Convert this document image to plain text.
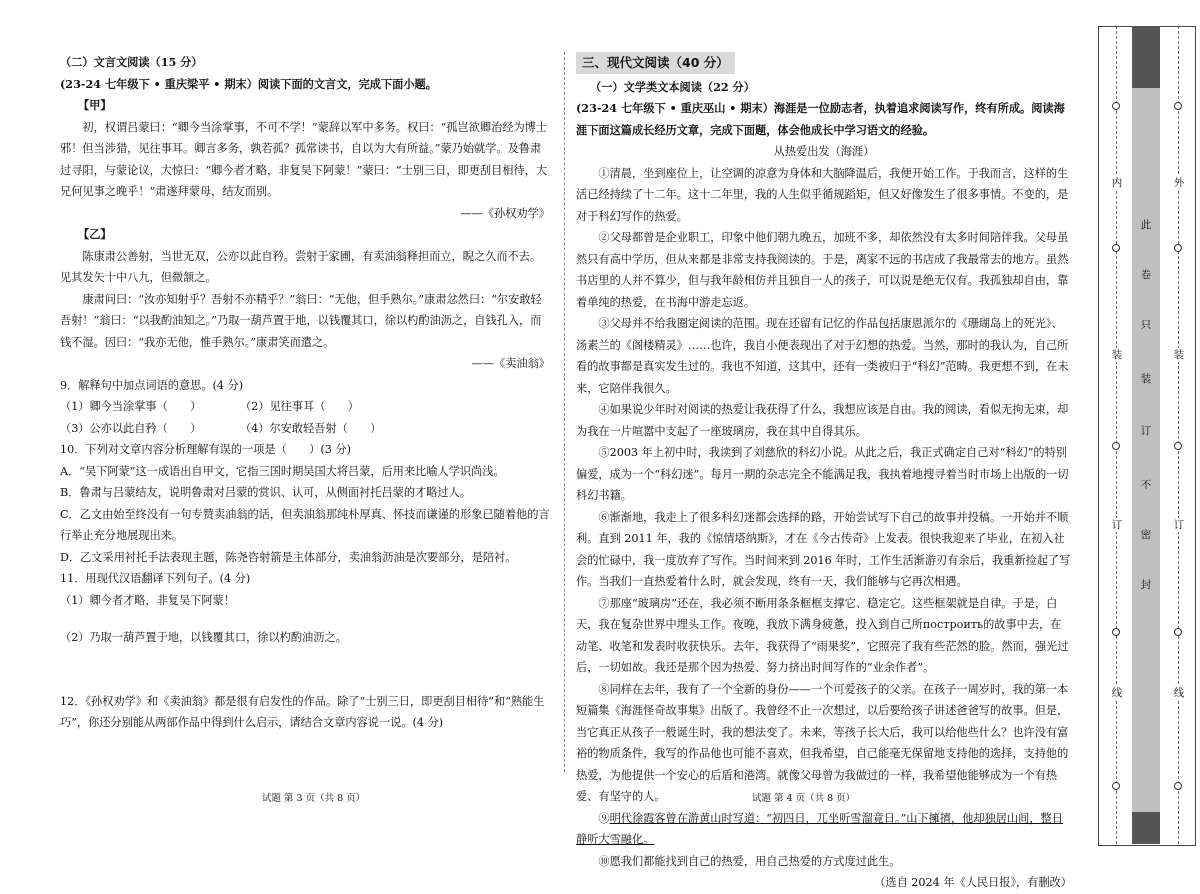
（二）文言文阅读（15 分）

(23-24 七年级下 • 重庆梁平 • 期末）阅读下面的文言文，完成下面小题。

【甲】

初，权谓吕蒙曰：“卿今当涂掌事，不可不学！”蒙辞以军中多务。权曰：“孤岂欲卿治经为博士邪！但当涉猎，见往事耳。卿言多务，孰若孤？孤常读书，自以为大有所益。”蒙乃始就学。及鲁肃过寻阳，与蒙论议，大惊曰：“卿今者才略，非复吴下阿蒙！”蒙曰：“士别三日，即更刮目相待，大兄何见事之晚乎！”肃遂拜蒙母，结友而别。

——《孙权劝学》

【乙】

陈康肃公善射，当世无双，公亦以此自矜。尝射于家圃，有卖油翁释担而立，睨之久而不去。见其发矢十中八九，但微颔之。

康肃问曰：“汝亦知射乎？吾射不亦精乎？”翁曰：“无他，但手熟尔。”康肃忿然曰：“尔安敢轻吾射！”翁曰：“以我酌油知之。”乃取一葫芦置于地，以钱覆其口，徐以杓酌油沥之，自钱孔入，而钱不湿。因曰：“我亦无他，惟手熟尔。”康肃笑而遣之。

——《卖油翁》

9．解释句中加点词语的意思。(4 分)

（1）卿今当涂掌事（　　）	（2）见往事耳（　　）
（3）公亦以此自矜（　　）	（4）尔安敢轻吾射（　　）

10．下列对文章内容分析理解有误的一项是（　　）(3 分)

A．“吴下阿蒙”这一成语出自甲文，它指三国时期吴国大将吕蒙，后用来比喻人学识尚浅。

B．鲁肃与吕蒙结友，说明鲁肃对吕蒙的赏识、认可，从侧面衬托吕蒙的才略过人。

C．乙文由始至终没有一句专赞卖油翁的话，但卖油翁那纯朴厚真、怀技而谦谨的形象已随着他的言行举止充分地展现出来。

D．乙文采用衬托手法表现主题，陈尧咨射箭是主体部分，卖油翁沥油是次要部分，是陪衬。

11．用现代汉语翻译下列句子。(4 分)

（1）卿今者才略，非复吴下阿蒙！

（2）乃取一葫芦置于地，以钱覆其口，徐以杓酌油沥之。

12．《孙权劝学》和《卖油翁》都是很有启发性的作品。除了“士别三日，即更刮目相待”和“熟能生巧”，你还分别能从两部作品中得到什么启示，请结合文章内容说一说。(4 分)

三、现代文阅读（40 分）

（一）文学类文本阅读（22 分）

(23-24 七年级下 • 重庆巫山 • 期末）海涯是一位励志者，执着追求阅读写作，终有所成。阅读海涯下面这篇成长经历文章，完成下面题，体会他成长中学习语文的经验。

从热爱出发（海涯）

①清晨，坐到座位上，让空调的凉意为身体和大脑降温后，我便开始工作。于我而言，这样的生活已经持续了十二年。这十二年里，我的人生似乎循规蹈矩，但又好像发生了很多事情。不变的，是对于科幻写作的热爱。

②父母都曾是企业职工，印象中他们朝九晚五，加班不多，却依然没有太多时间陪伴我。父母虽然只有高中学历，但从来都是非常支持我阅读的。于是，离家不远的书店成了我最常去的地方。虽然书店里的人并不算少，但与我年龄相仿并且独自一人的孩子，可以说是绝无仅有。我孤独却自由，靠着单纯的热爱，在书海中游走忘返。

③父母并不给我圈定阅读的范围。现在还留有记忆的作品包括康恩派尔的《珊瑚岛上的死光》、汤素兰的《阁楼精灵》……也许，我自小便表现出了对于幻想的热爱。当然，那时的我认为，自己所看的故事都是真实发生过的。我也不知道，这其中，还有一类被归于“科幻”范畴。我更想不到，在未来，它陪伴我很久。

④如果说少年时对阅读的热爱让我获得了什么，我想应该是自由。我的阅读，看似无拘无束，却为我在一片喧嚣中支起了一座玻璃房，我在其中自得其乐。

⑤2003 年上初中时，我读到了刘慈欣的科幻小说。从此之后，我正式确定自己对“科幻”的特别偏爱，成为一个“科幻迷”。每月一期的杂志完全不能满足我，我执着地搜寻着当时市场上出版的一切科幻书籍。

⑥渐渐地，我走上了很多科幻迷都会选择的路，开始尝试写下自己的故事并投稿。一开始并不顺利。直到 2011 年，我的《惊情塔纳斯》，才在《今古传奇》上发表。很快我迎来了毕业，在初入社会的忙碌中，我一度放弃了写作。当时间来到 2016 年时，工作生活渐游刃有余后，我重新捡起了写作。当我们一直热爱着什么时，就会发现，终有一天，我们能够与它再次相遇。

⑦那座“玻璃房”还在，我必须不断用条条框框支撑它、稳定它。这些框架就是自律。于是，白天，我在复杂世界中埋头工作。夜晚，我放下满身疲惫，投入到自己所построить的故事中去，在动笔、收笔和发表时收获快乐。去年，我获得了“雨果奖”，它照亮了我有些茫然的脸。然而，强光过后，一切如故。我还是那个因为热爱、努力挤出时间写作的“业余作者”。

⑧同样在去年，我有了一个全新的身份——一个可爱孩子的父亲。在孩子一周岁时，我的第一本短篇集《海涯怪奇故事集》出版了。我曾经不止一次想过，以后要给孩子讲述爸爸写的故事。但是，当它真正从孩子一般诞生时，我的想法变了。未来，等孩子长大后，我可以给他些什么？也许没有富裕的物质条件，我写的作品他也可能不喜欢，但我希望，自己能毫无保留地支持他的选择，支持他的热爱，为他提供一个安心的后盾和港湾。就像父母曾为我做过的一样，我希望他能够成为一个有热爱、有坚守的人。

⑨明代徐霞客曾在游黄山时写道：“初四日，兀坐听雪溜竟日。”山下擁擠，他却独居山间，整日静听大雪融化。

⑩愿我们都能找到自己的热爱，用自己热爱的方式度过此生。

（选自 2024 年《人民日报》，有删改）

试题 第 3 页（共 8 页）	试题 第 4 页（共 8 页）
内
装
订
线
外
装
订
线
此
卷
只
装
订
不
密
封
